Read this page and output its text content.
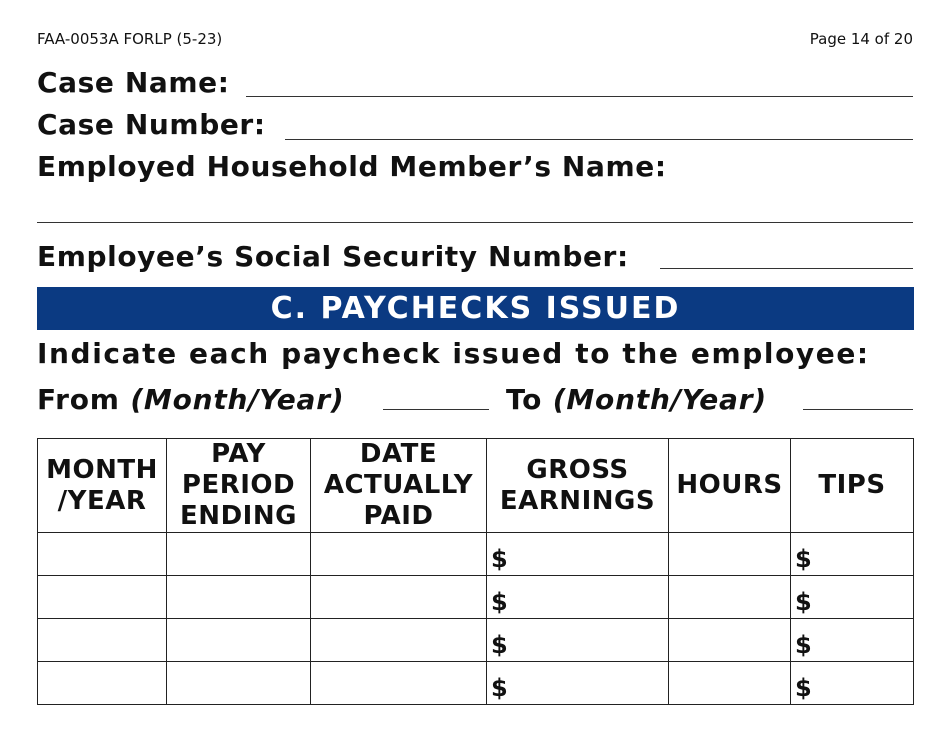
FAA-0053A FORLP (5-23)	Page 14 of 20
Case Name:
Case Number:
Employed Household Member’s Name:
Employee’s Social Security Number:
C. PAYCHECKS ISSUED
Indicate each paycheck issued to the employee:
From (Month/Year)	To (Month/Year)
MONTH
/YEAR	PAY
PERIOD
ENDING	DATE
ACTUALLY
PAID	GROSS
EARNINGS	HOURS	TIPS

			$		$
			$		$
			$		$
			$		$
